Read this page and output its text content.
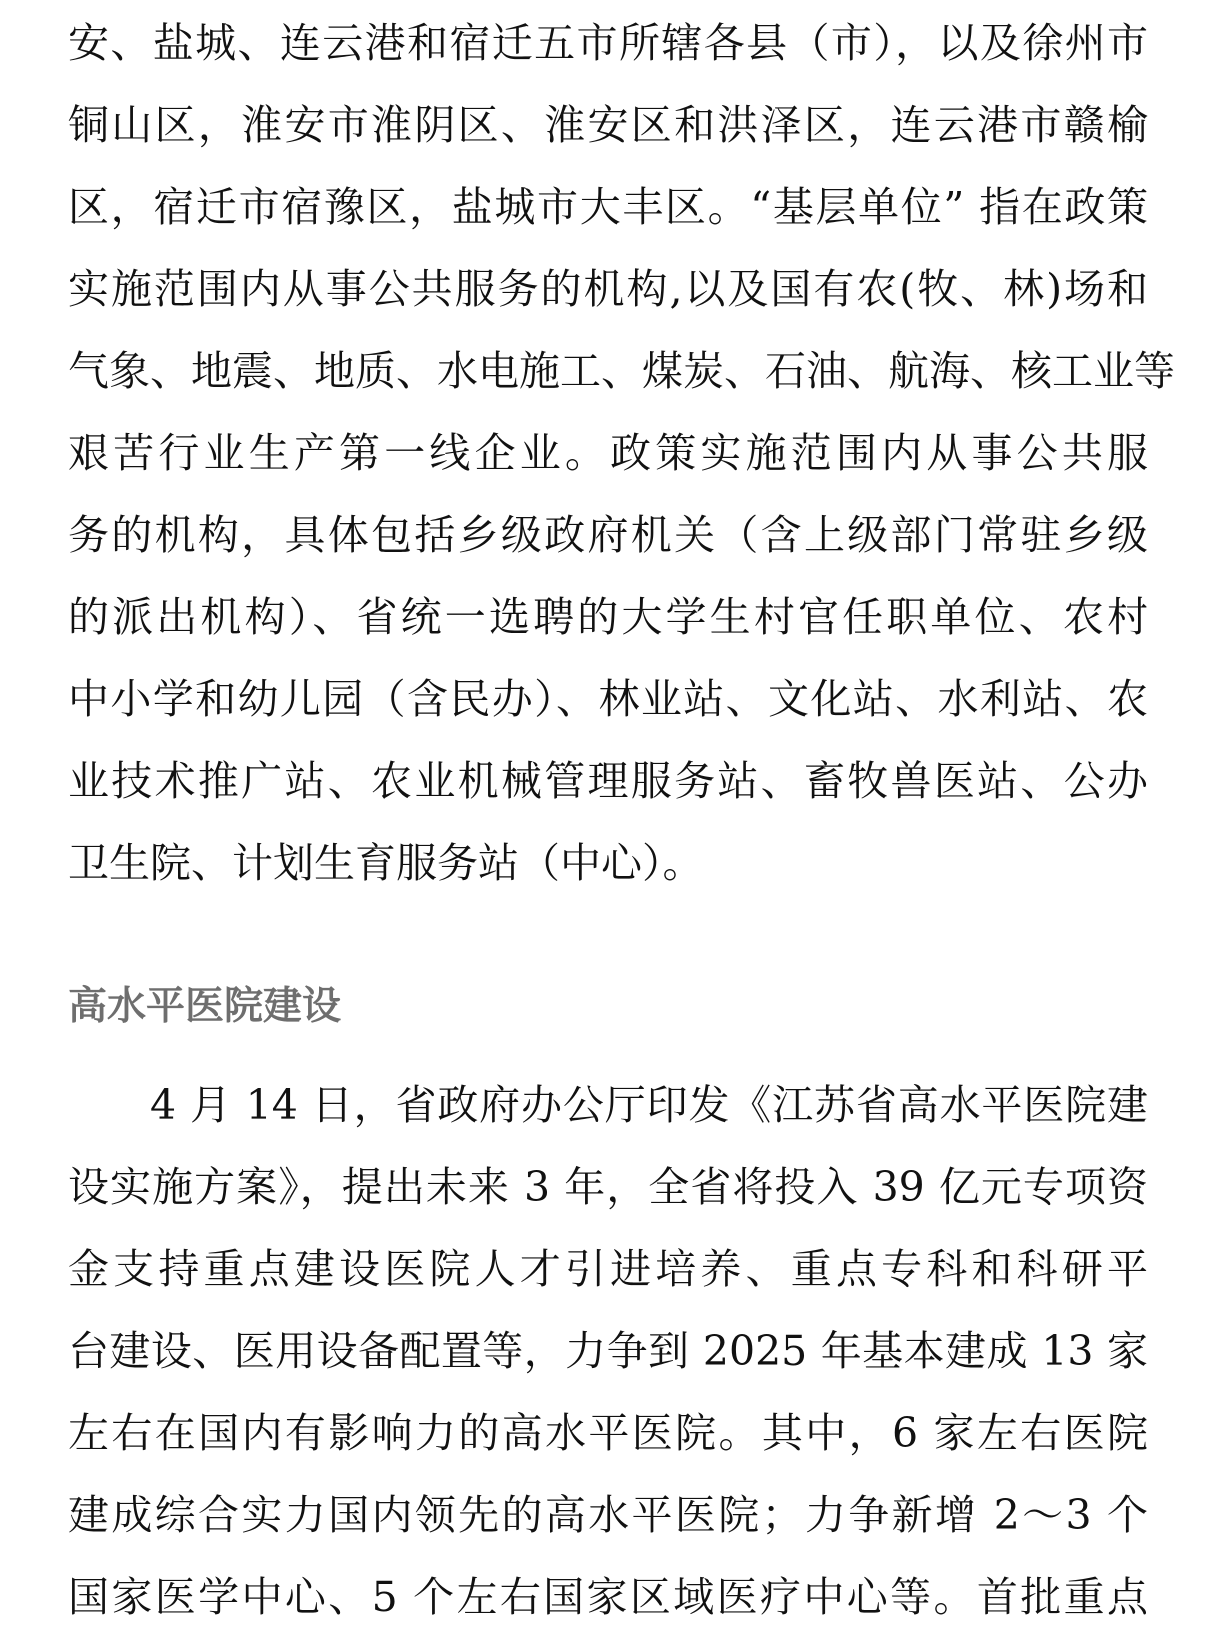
安、盐城、连云港和宿迁五市所辖各县（市），以及徐州市
铜山区，淮安市淮阴区、淮安区和洪泽区，连云港市赣榆
区，宿迁市宿豫区，盐城市大丰区。“基层单位” 指在政策
实施范围内从事公共服务的机构,以及国有农(牧、林)场和
气象、地震、地质、水电施工、煤炭、石油、航海、核工业等
艰苦行业生产第一线企业。政策实施范围内从事公共服
务的机构，具体包括乡级政府机关（含上级部门常驻乡级
的派出机构）、省统一选聘的大学生村官任职单位、农村
中小学和幼儿园（含民办）、林业站、文化站、水利站、农
业技术推广站、农业机械管理服务站、畜牧兽医站、公办
卫生院、计划生育服务站（中心）。
高水平医院建设
4 月 14 日，省政府办公厅印发《江苏省高水平医院建
设实施方案》，提出未来 3 年，全省将投入 39 亿元专项资
金支持重点建设医院人才引进培养、重点专科和科研平
台建设、医用设备配置等，力争到 2025 年基本建成 13 家
左右在国内有影响力的高水平医院。其中，6 家左右医院
建成综合实力国内领先的高水平医院；力争新增 2～3 个
国家医学中心、5 个左右国家区域医疗中心等。首批重点
